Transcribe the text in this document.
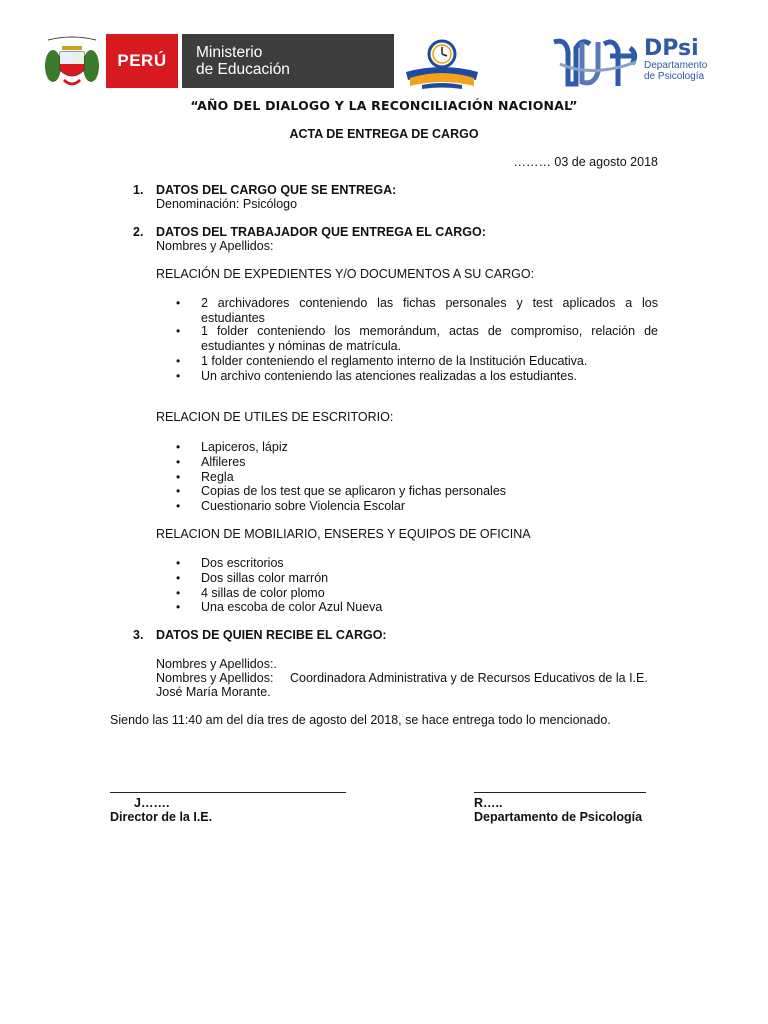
PERÚ	Ministerio
de Educación
DPsi
Departamento
de Psicología
“AÑO DEL DIALOGO Y LA RECONCILIACIÓN NACIONAL”
ACTA DE ENTREGA DE CARGO
……… 03 de agosto 2018
1. DATOS DEL CARGO QUE SE ENTREGA:
Denominación: Psicólogo
2. DATOS DEL TRABAJADOR QUE ENTREGA EL CARGO:
Nombres y Apellidos:
RELACIÓN DE EXPEDIENTES Y/O DOCUMENTOS A SU CARGO:
• 2 archivadores conteniendo las fichas personales y test aplicados a los estudiantes
• 1 folder conteniendo los memorándum, actas de compromiso, relación de estudiantes y nóminas de matrícula.
• 1 folder conteniendo el reglamento interno de la Institución Educativa.
• Un archivo conteniendo las atenciones realizadas a los estudiantes.
RELACION DE UTILES DE ESCRITORIO:
• Lapiceros, lápiz
• Alfileres
• Regla
• Copias de los test que se aplicaron y fichas personales
• Cuestionario sobre Violencia Escolar
RELACION DE MOBILIARIO, ENSERES Y EQUIPOS DE OFICINA
• Dos escritorios
• Dos sillas color marrón
• 4 sillas de color plomo
• Una escoba de color Azul Nueva
3. DATOS DE QUIEN RECIBE EL CARGO:
Nombres y Apellidos:.
Nombres y Apellidos: Coordinadora Administrativa y de Recursos Educativos de la I.E.
José María Morante.
Siendo las 11:40 am del día tres de agosto del 2018, se hace entrega todo lo mencionado.
J…….
Director de la I.E.
R…..
Departamento de Psicología
